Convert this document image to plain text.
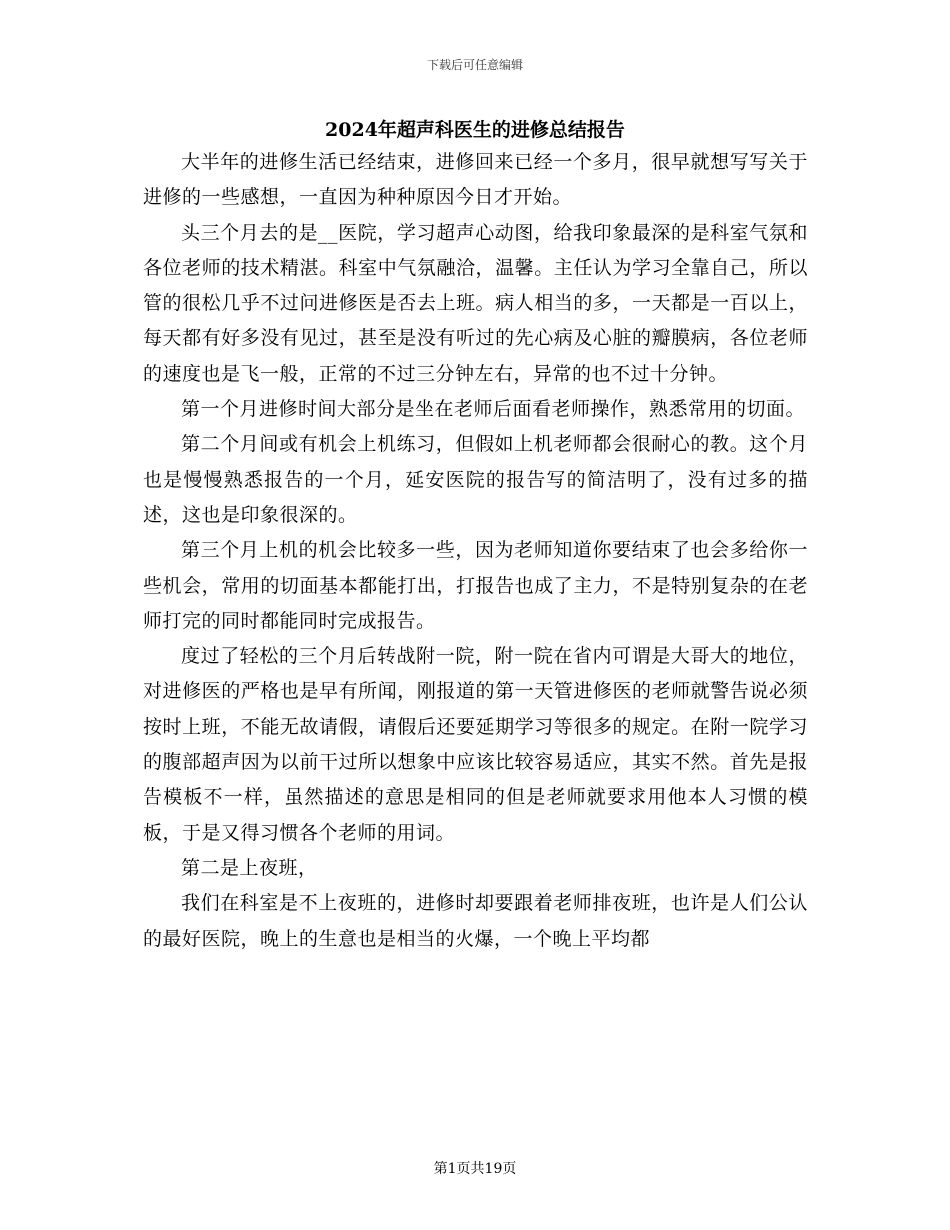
下载后可任意编辑
2024年超声科医生的进修总结报告

大半年的进修生活已经结束，进修回来已经一个多月，很早就想写写关于进修的一些感想，一直因为种种原因今日才开始。

头三个月去的是__医院，学习超声心动图，给我印象最深的是科室气氛和各位老师的技术精湛。科室中气氛融洽，温馨。主任认为学习全靠自己，所以管的很松几乎不过问进修医是否去上班。病人相当的多，一天都是一百以上，每天都有好多没有见过，甚至是没有听过的先心病及心脏的瓣膜病，各位老师的速度也是飞一般，正常的不过三分钟左右，异常的也不过十分钟。

第一个月进修时间大部分是坐在老师后面看老师操作，熟悉常用的切面。

第二个月间或有机会上机练习，但假如上机老师都会很耐心的教。这个月也是慢慢熟悉报告的一个月，延安医院的报告写的简洁明了，没有过多的描述，这也是印象很深的。

第三个月上机的机会比较多一些，因为老师知道你要结束了也会多给你一些机会，常用的切面基本都能打出，打报告也成了主力，不是特别复杂的在老师打完的同时都能同时完成报告。

度过了轻松的三个月后转战附一院，附一院在省内可谓是大哥大的地位，对进修医的严格也是早有所闻，刚报道的第一天管进修医的老师就警告说必须按时上班，不能无故请假，请假后还要延期学习等很多的规定。在附一院学习的腹部超声因为以前干过所以想象中应该比较容易适应，其实不然。首先是报告模板不一样，虽然描述的意思是相同的但是老师就要求用他本人习惯的模板，于是又得习惯各个老师的用词。

第二是上夜班，

我们在科室是不上夜班的，进修时却要跟着老师排夜班，也许是人们公认的最好医院，晚上的生意也是相当的火爆，一个晚上平均都

第1页共19页
